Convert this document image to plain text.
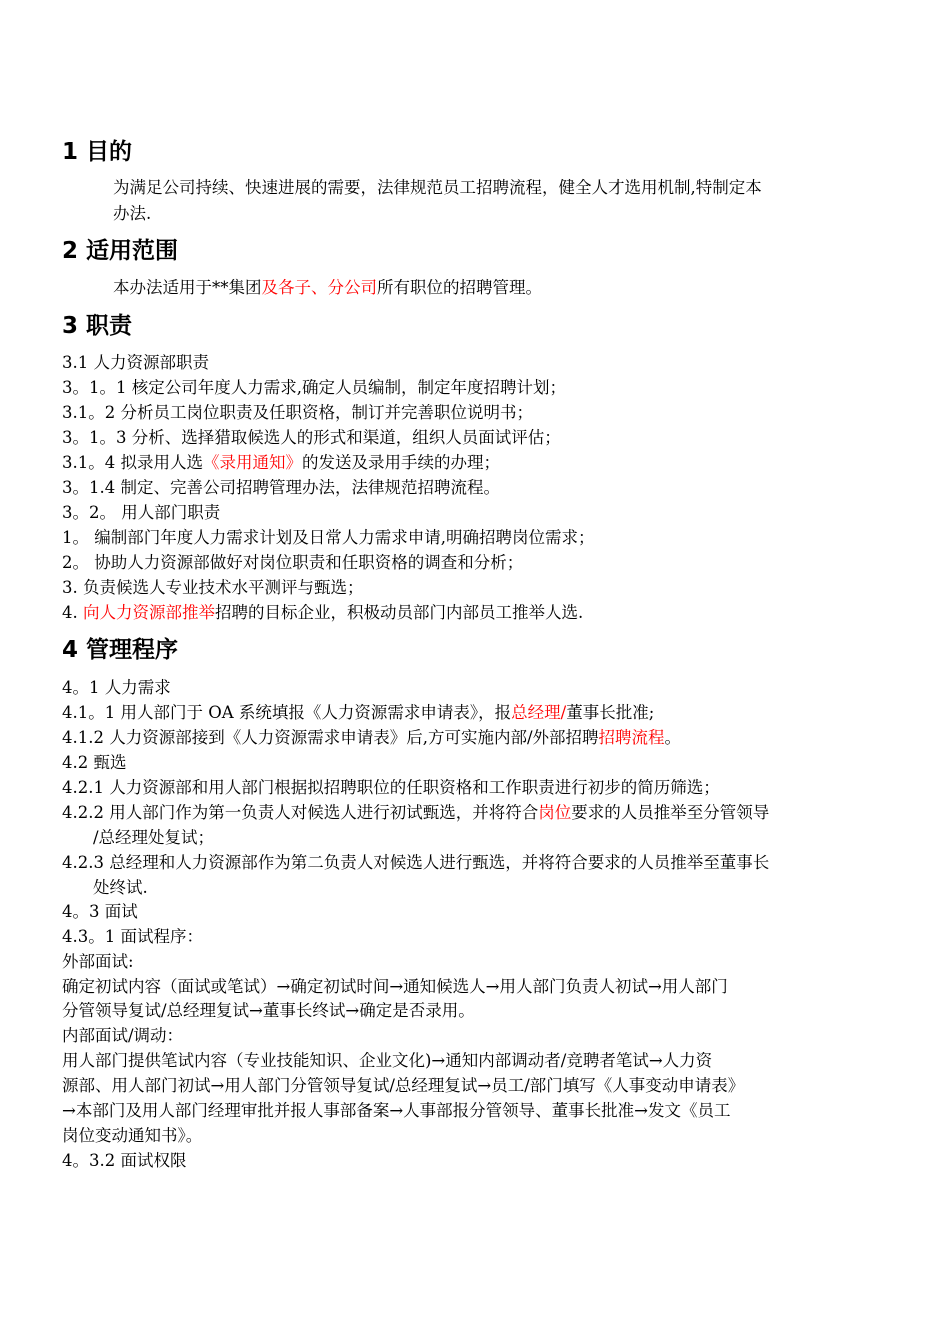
1 目的
为满足公司持续、快速进展的需要，法律规范员工招聘流程，健全人才选用机制,特制定本
办法.
2 适用范围
本办法适用于**集团及各子、分公司所有职位的招聘管理。
3 职责
3.1 人力资源部职责
3。1。1 核定公司年度人力需求,确定人员编制，制定年度招聘计划；
3.1。2 分析员工岗位职责及任职资格，制订并完善职位说明书；
3。1。3 分析、选择猎取候选人的形式和渠道，组织人员面试评估；
3.1。4 拟录用人选《录用通知》的发送及录用手续的办理；
3。1.4 制定、完善公司招聘管理办法，法律规范招聘流程。
3。2。 用人部门职责
1。 编制部门年度人力需求计划及日常人力需求申请,明确招聘岗位需求；
2。 协助人力资源部做好对岗位职责和任职资格的调查和分析；
3. 负责候选人专业技术水平测评与甄选；
4. 向人力资源部推举招聘的目标企业，积极动员部门内部员工推举人选.
4 管理程序
4。1 人力需求
4.1。1 用人部门于 OA 系统填报《人力资源需求申请表》，报总经理/董事长批准;
4.1.2 人力资源部接到《人力资源需求申请表》后,方可实施内部/外部招聘招聘流程。
4.2 甄选
4.2.1 人力资源部和用人部门根据拟招聘职位的任职资格和工作职责进行初步的简历筛选；
4.2.2 用人部门作为第一负责人对候选人进行初试甄选，并将符合岗位要求的人员推举至分管领导
/总经理处复试；
4.2.3 总经理和人力资源部作为第二负责人对候选人进行甄选，并将符合要求的人员推举至董事长
处终试.
4。3 面试
4.3。1 面试程序：
外部面试:
确定初试内容（面试或笔试）→确定初试时间→通知候选人→用人部门负责人初试→用人部门
分管领导复试/总经理复试→董事长终试→确定是否录用。
内部面试/调动：
用人部门提供笔试内容（专业技能知识、企业文化)→通知内部调动者/竞聘者笔试→人力资
源部、用人部门初试→用人部门分管领导复试/总经理复试→员工/部门填写《人事变动申请表》
→本部门及用人部门经理审批并报人事部备案→人事部报分管领导、董事长批准→发文《员工
岗位变动通知书》。
4。3.2 面试权限
